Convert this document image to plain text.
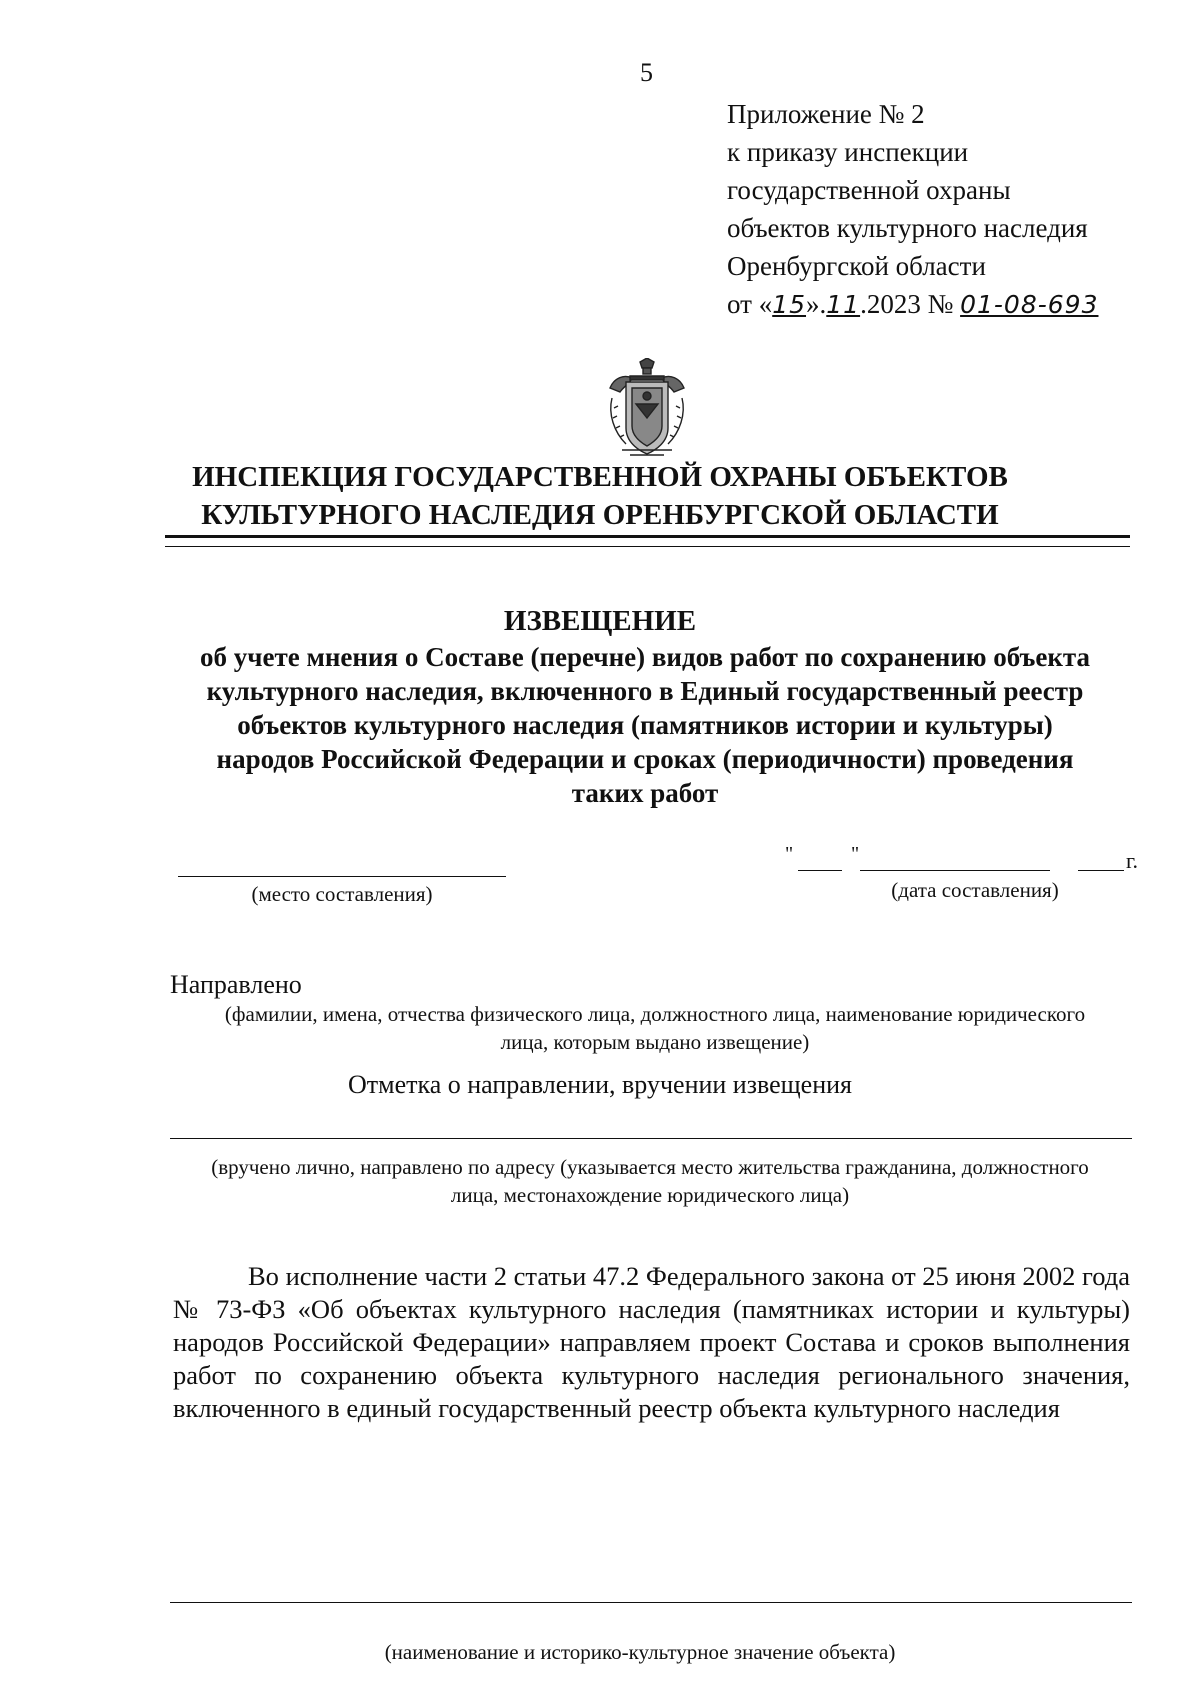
5
Приложение № 2
к приказу инспекции
государственной охраны
объектов культурного наследия
Оренбургской области
от «15».11.2023 № 01-08-693
ИНСПЕКЦИЯ ГОСУДАРСТВЕННОЙ ОХРАНЫ ОБЪЕКТОВ
КУЛЬТУРНОГО НАСЛЕДИЯ ОРЕНБУРГСКОЙ ОБЛАСТИ
ИЗВЕЩЕНИЕ
об учете мнения о Составе (перечне) видов работ по сохранению объекта
культурного наследия, включенного в Единый государственный реестр
объектов культурного наследия (памятников истории и культуры)
народов Российской Федерации и сроках (периодичности) проведения
таких работ
(место составления)
"	"	г.
(дата составления)
Направлено
(фамилии, имена, отчества физического лица, должностного лица, наименование юридического
лица, которым выдано извещение)
Отметка о направлении, вручении извещения
(вручено лично, направлено по адресу (указывается место жительства гражданина, должностного
лица, местонахождение юридического лица)
Во исполнение части 2 статьи 47.2 Федерального закона от 25 июня 2002 года № 73-ФЗ «Об объектах культурного наследия (памятниках истории и культуры) народов Российской Федерации» направляем проект Состава и сроков выполнения работ по сохранению объекта культурного наследия регионального значения, включенного в единый государственный реестр объекта культурного наследия
(наименование и историко-культурное значение объекта)
